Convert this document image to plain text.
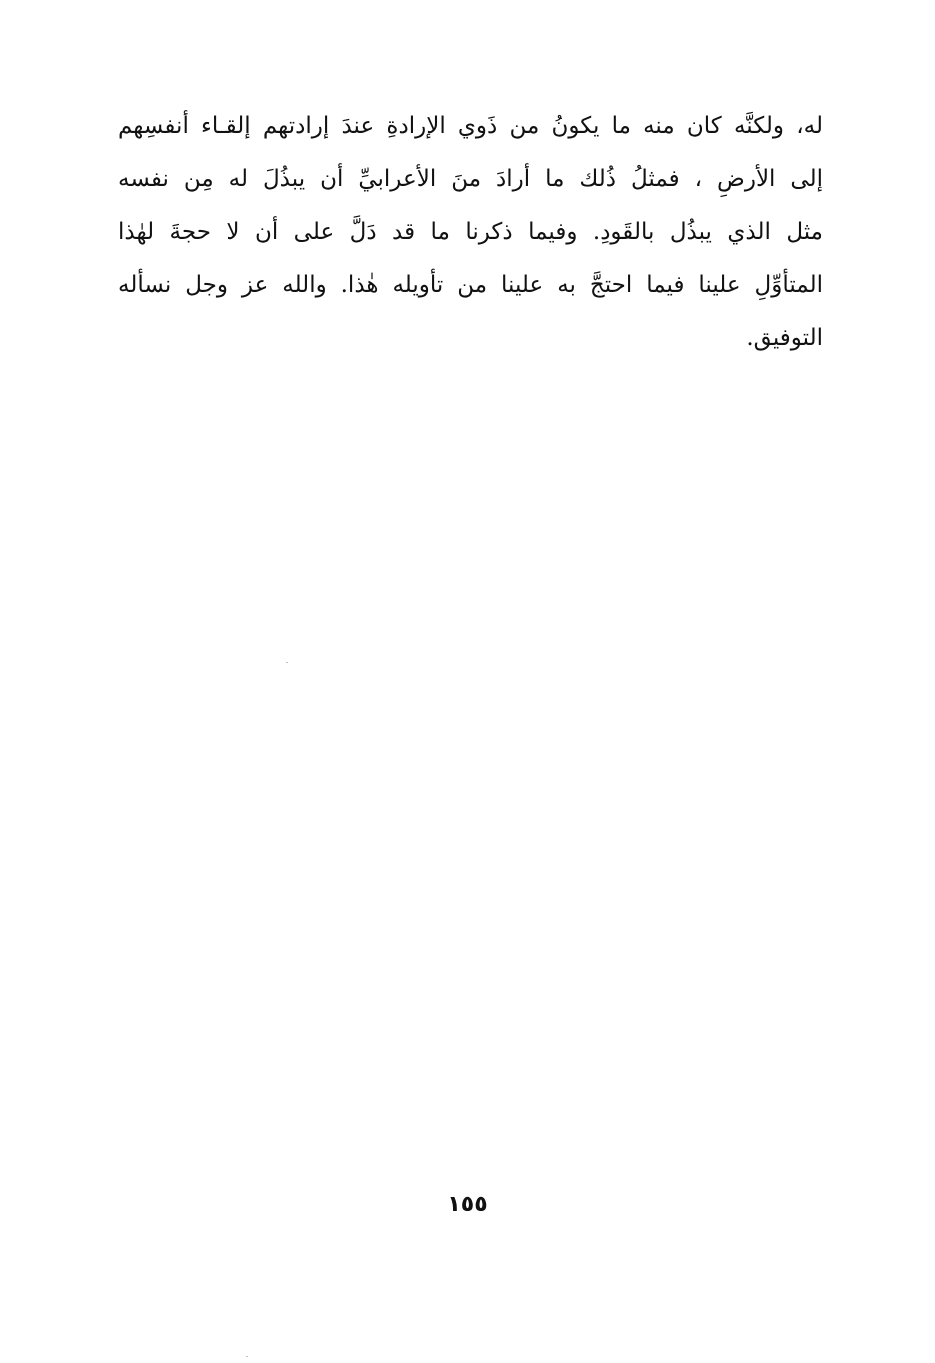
له، ولكنَّه كان منه ما يكونُ من ذَوي الإرادةِ عندَ إرادتهم إلقـاء أنفسِهم
إلى الأرضِ ، فمثلُ ذُلك ما أرادَ منَ الأعرابيِّ أن يبذُلَ له مِن نفسه
مثل الذي يبذُل بالقَودِ. وفيما ذكرنا ما قد دَلَّ على أن لا حجةَ لهٰذا
المتأوِّلِ علينا فيما احتجَّ به علينا من تأويله هٰذا. والله عز وجل نسأله
التوفيق.
١٥٥
